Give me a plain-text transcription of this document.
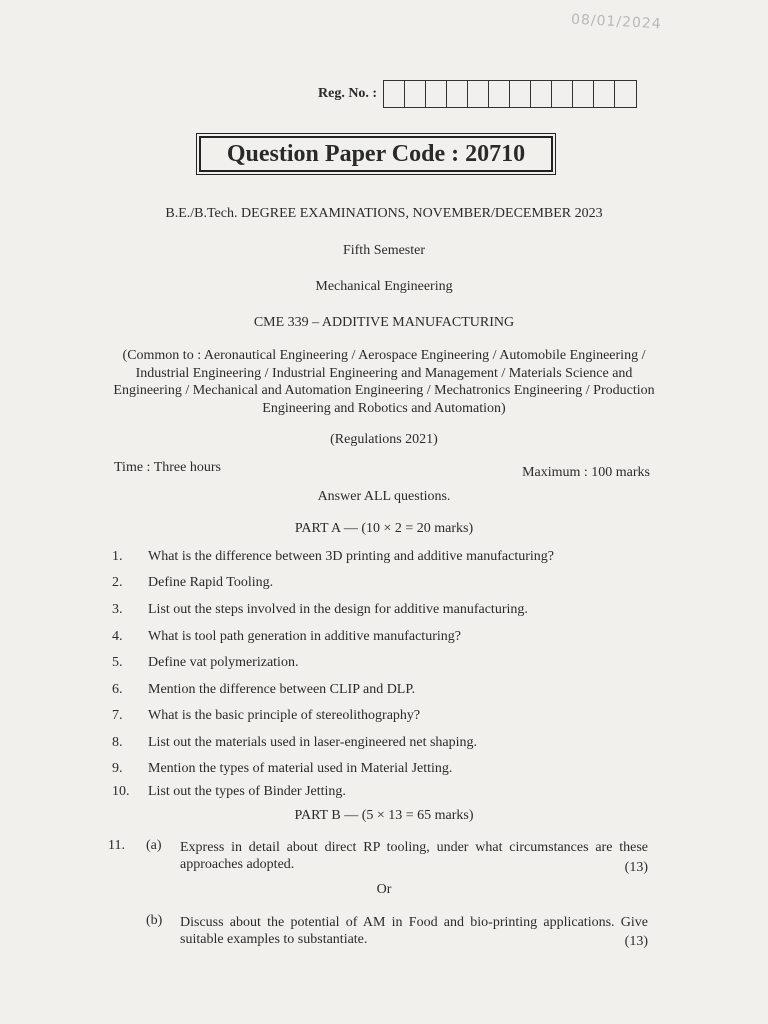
08/01/2024
Reg. No. :
Question Paper Code : 20710
B.E./B.Tech. DEGREE EXAMINATIONS, NOVEMBER/DECEMBER 2023
Fifth Semester
Mechanical Engineering
CME 339 – ADDITIVE MANUFACTURING
(Common to : Aeronautical Engineering / Aerospace Engineering / Automobile Engineering / Industrial Engineering / Industrial Engineering and Management / Materials Science and Engineering / Mechanical and Automation Engineering / Mechatronics Engineering / Production Engineering and Robotics and Automation)
(Regulations 2021)
Time : Three hours	Maximum : 100 marks
Answer ALL questions.
PART A — (10 × 2 = 20 marks)
1. What is the difference between 3D printing and additive manufacturing?
2. Define Rapid Tooling.
3. List out the steps involved in the design for additive manufacturing.
4. What is tool path generation in additive manufacturing?
5. Define vat polymerization.
6. Mention the difference between CLIP and DLP.
7. What is the basic principle of stereolithography?
8. List out the materials used in laser-engineered net shaping.
9. Mention the types of material used in Material Jetting.
10. List out the types of Binder Jetting.
PART B — (5 × 13 = 65 marks)
11. (a) Express in detail about direct RP tooling, under what circumstances are these approaches adopted.	(13)
Or
(b) Discuss about the potential of AM in Food and bio-printing applications. Give suitable examples to substantiate.	(13)
